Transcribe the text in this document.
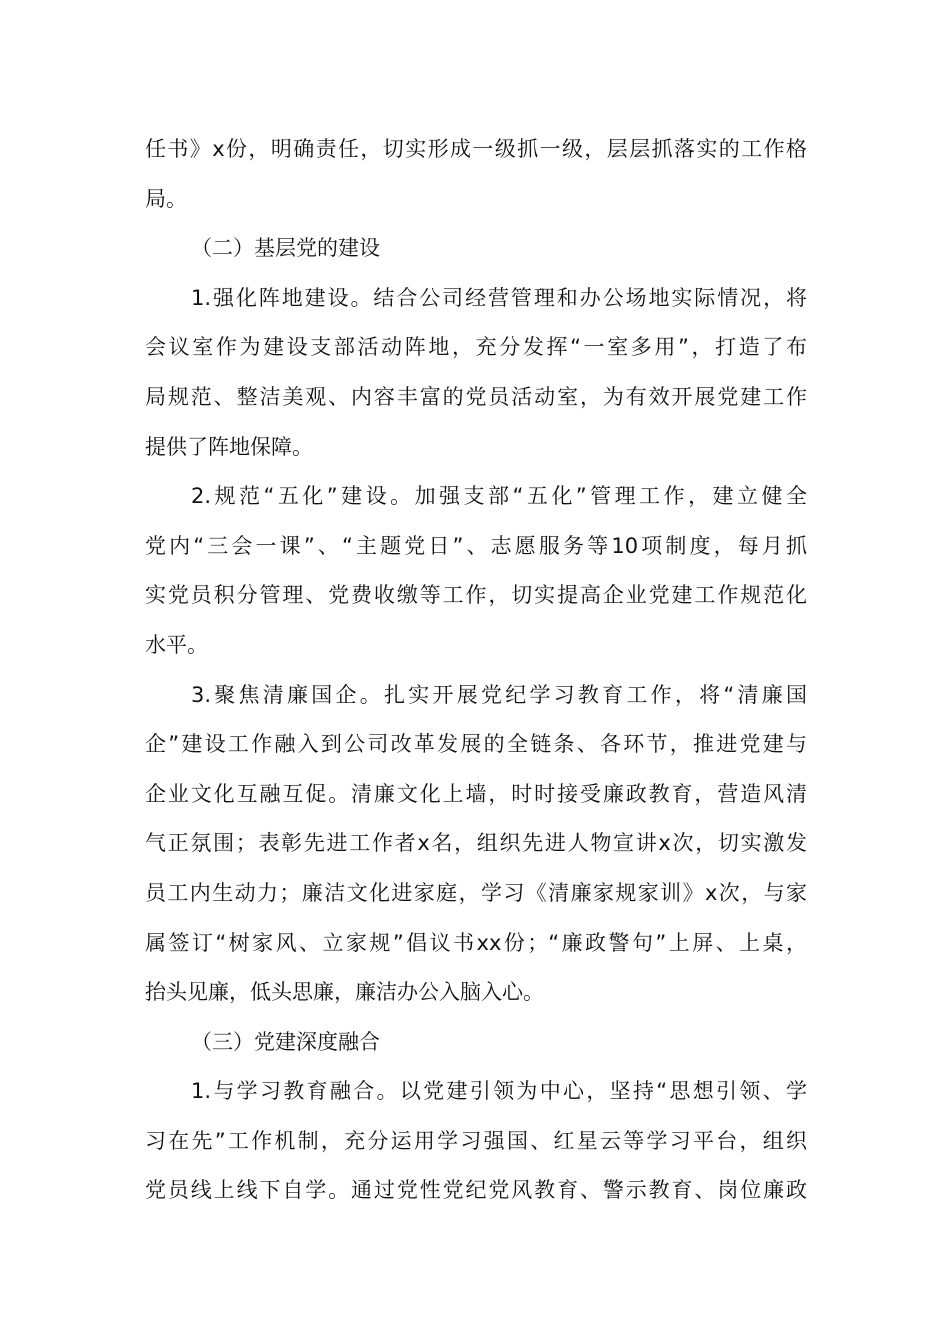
任书》x份，明确责任，切实形成一级抓一级，层层抓落实的工作格
局。
（二）基层党的建设
1.强化阵地建设。结合公司经营管理和办公场地实际情况，将
会议室作为建设支部活动阵地，充分发挥“一室多用”，打造了布
局规范、整洁美观、内容丰富的党员活动室，为有效开展党建工作
提供了阵地保障。
2.规范“五化”建设。加强支部“五化”管理工作，建立健全
党内“三会一课”、“主题党日”、志愿服务等10项制度，每月抓
实党员积分管理、党费收缴等工作，切实提高企业党建工作规范化
水平。
3.聚焦清廉国企。扎实开展党纪学习教育工作，将“清廉国
企”建设工作融入到公司改革发展的全链条、各环节，推进党建与
企业文化互融互促。清廉文化上墙，时时接受廉政教育，营造风清
气正氛围；表彰先进工作者x名，组织先进人物宣讲x次，切实激发
员工内生动力；廉洁文化进家庭，学习《清廉家规家训》x次，与家
属签订“树家风、立家规”倡议书xx份；“廉政警句”上屏、上桌，
抬头见廉，低头思廉，廉洁办公入脑入心。
（三）党建深度融合
1.与学习教育融合。以党建引领为中心，坚持“思想引领、学
习在先”工作机制，充分运用学习强国、红星云等学习平台，组织
党员线上线下自学。通过党性党纪党风教育、警示教育、岗位廉政
